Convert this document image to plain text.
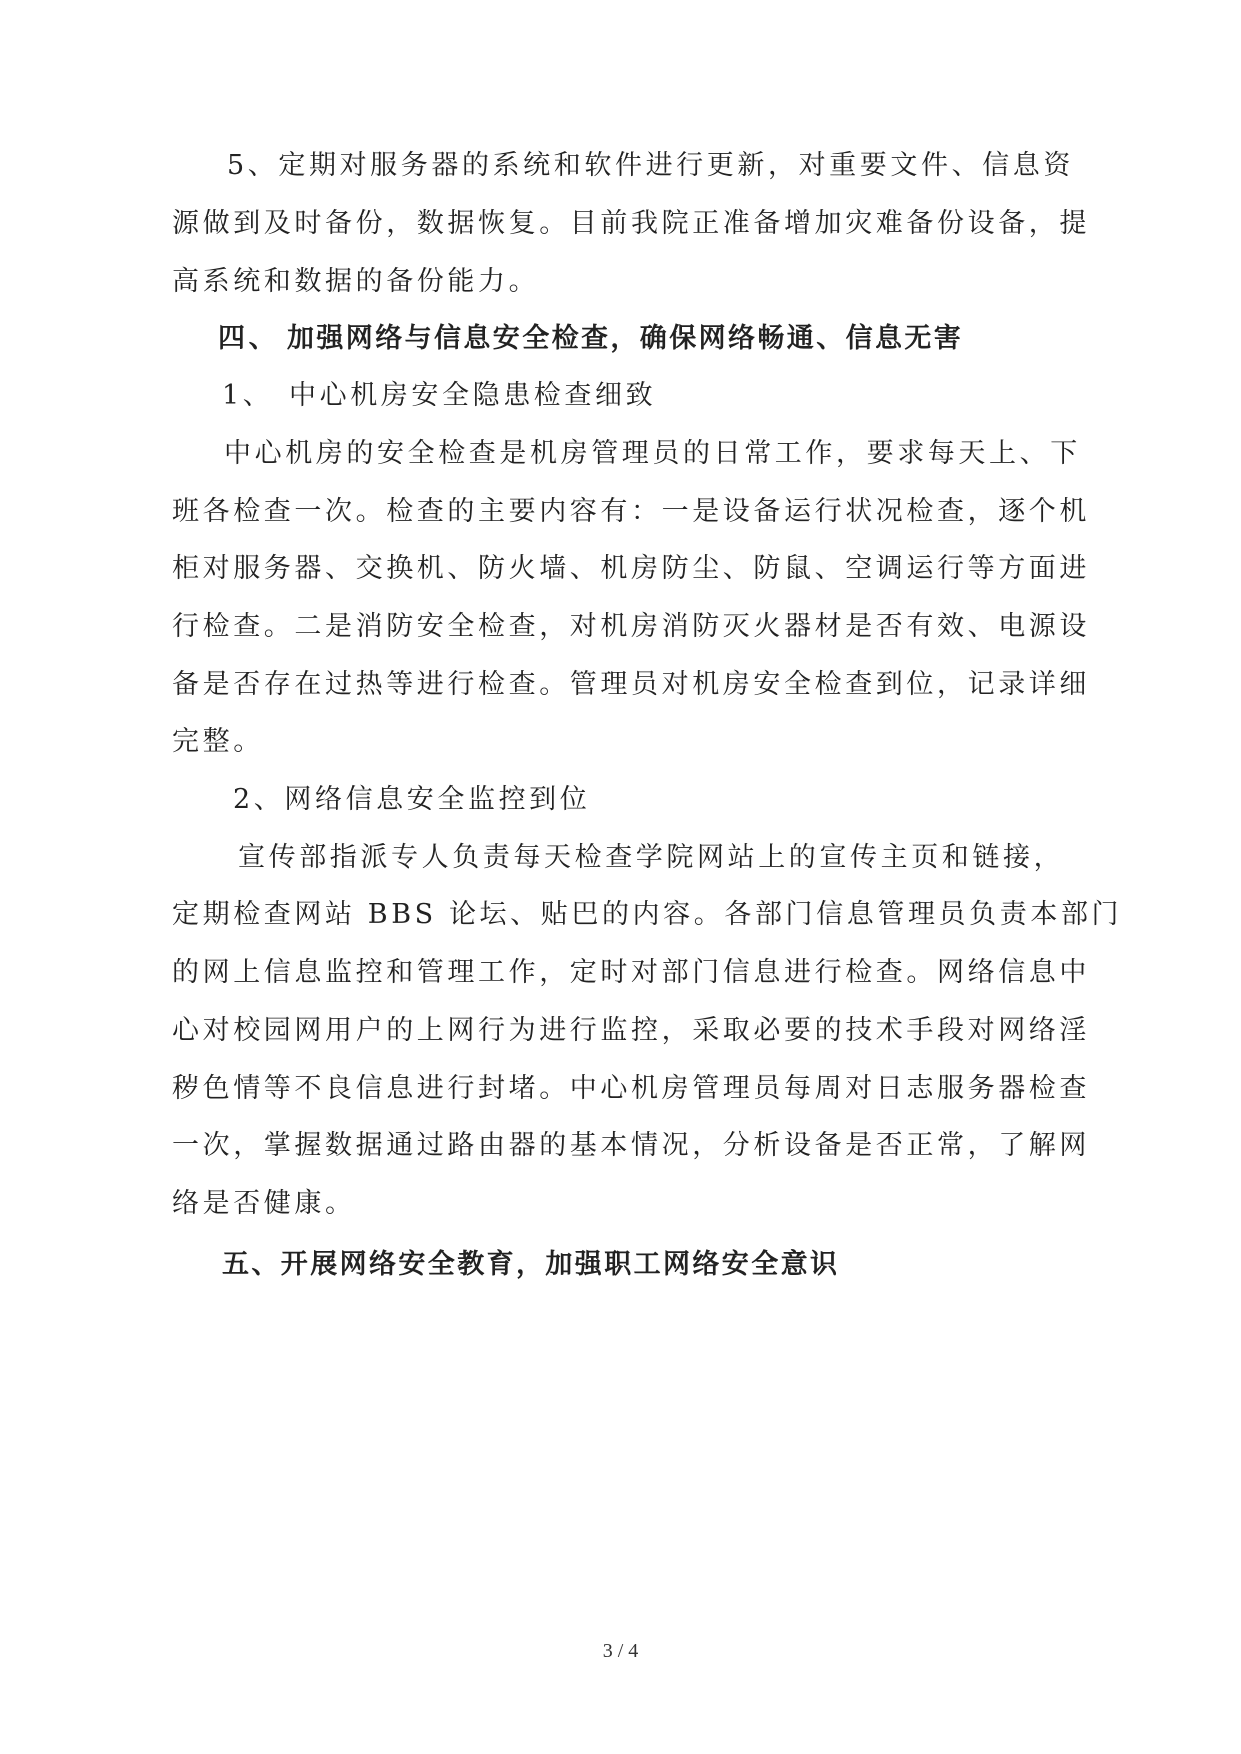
5、定期对服务器的系统和软件进行更新，对重要文件、信息资
源做到及时备份，数据恢复。目前我院正准备增加灾难备份设备，提
高系统和数据的备份能力。
四、 加强网络与信息安全检查，确保网络畅通、信息无害
1、 中心机房安全隐患检查细致
中心机房的安全检查是机房管理员的日常工作，要求每天上、下
班各检查一次。检查的主要内容有：一是设备运行状况检查，逐个机
柜对服务器、交换机、防火墙、机房防尘、防鼠、空调运行等方面进
行检查。二是消防安全检查，对机房消防灭火器材是否有效、电源设
备是否存在过热等进行检查。管理员对机房安全检查到位，记录详细
完整。
2、网络信息安全监控到位
宣传部指派专人负责每天检查学院网站上的宣传主页和链接，
定期检查网站 BBS 论坛、贴巴的内容。各部门信息管理员负责本部门
的网上信息监控和管理工作，定时对部门信息进行检查。网络信息中
心对校园网用户的上网行为进行监控，采取必要的技术手段对网络淫
秽色情等不良信息进行封堵。中心机房管理员每周对日志服务器检查
一次，掌握数据通过路由器的基本情况，分析设备是否正常，了解网
络是否健康。
五、开展网络安全教育，加强职工网络安全意识
3 / 4
